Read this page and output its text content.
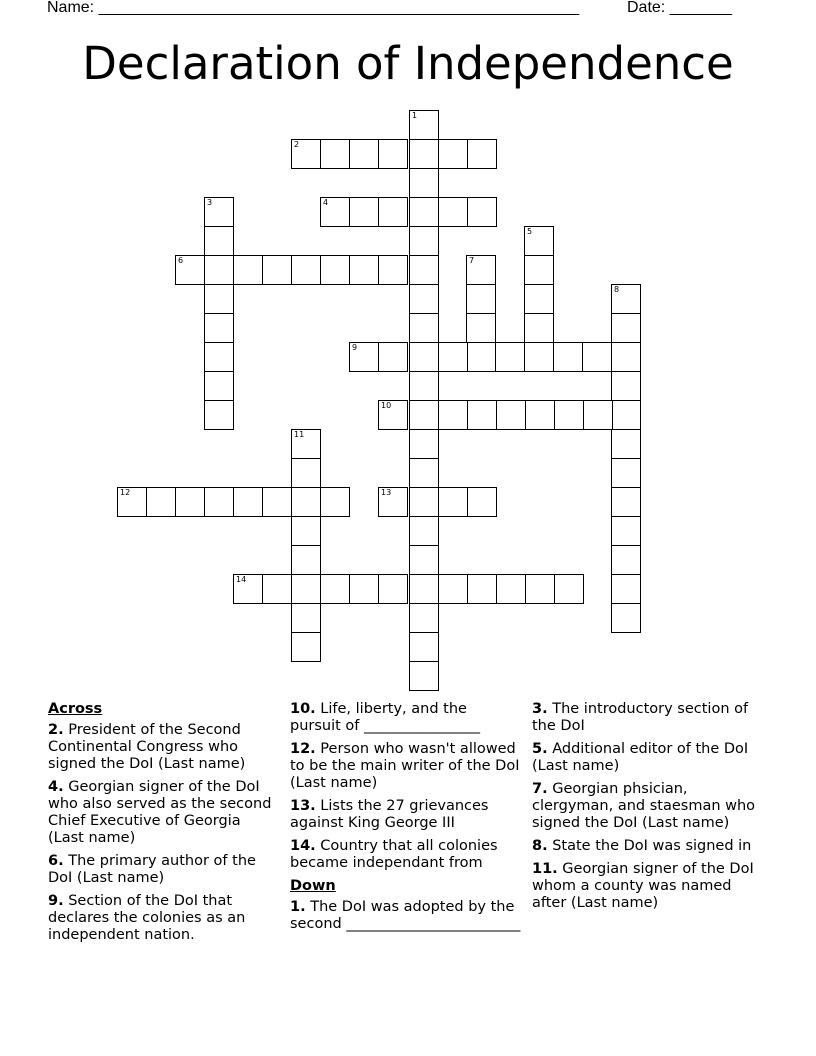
Name: ______________________________________________________	Date: _______
Declaration of Independence
1
2
3	4
5
6	7
8
9
10
11
12	13
14
Across
2. President of the Second Continental Congress who signed the DoI (Last name)
4. Georgian signer of the DoI who also served as the second Chief Executive of Georgia (Last name)
6. The primary author of the DoI (Last name)
9. Section of the DoI that declares the colonies as an independent nation.
10. Life, liberty, and the pursuit of ________________
12. Person who wasn't allowed to be the main writer of the DoI (Last name)
13. Lists the 27 grievances against King George III
14. Country that all colonies became independant from
Down
1. The DoI was adopted by the second ________________________
3. The introductory section of the DoI
5. Additional editor of the DoI (Last name)
7. Georgian phsician, clergyman, and staesman who signed the DoI (Last name)
8. State the DoI was signed in
11. Georgian signer of the DoI whom a county was named after (Last name)
